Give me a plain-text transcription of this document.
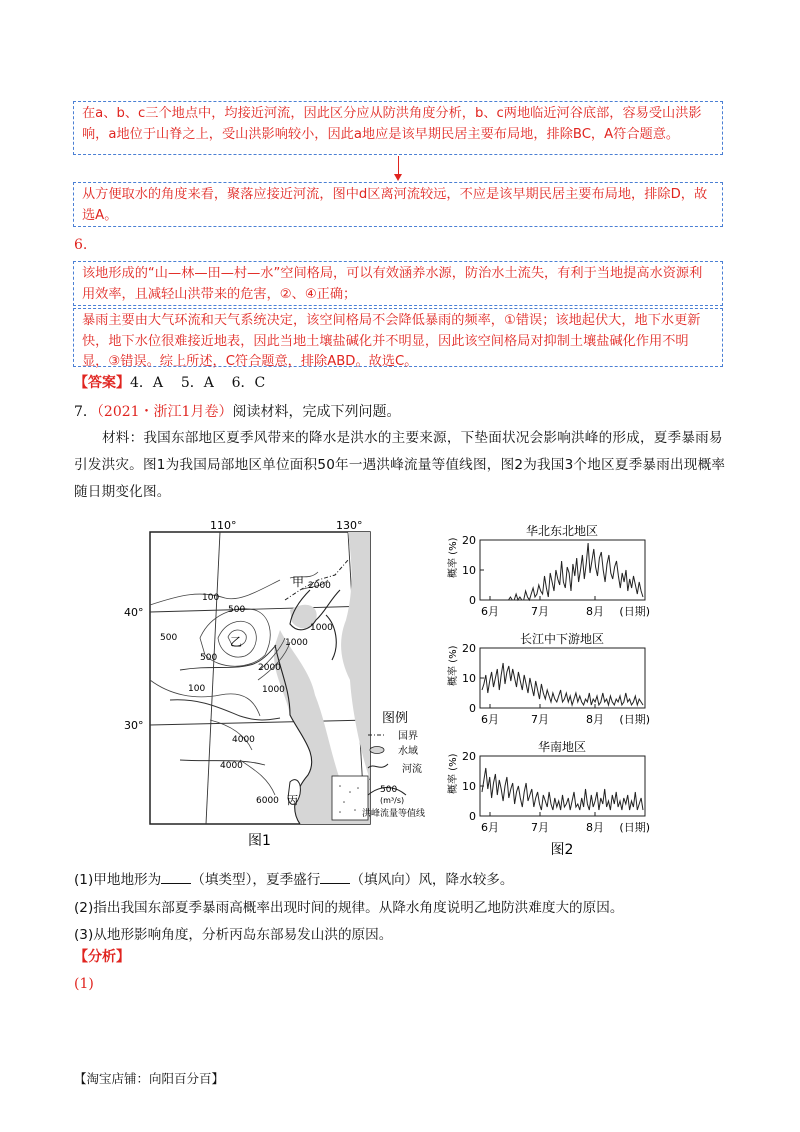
在a、b、c三个地点中，均接近河流，因此区分应从防洪角度分析，b、c两地临近河谷底部，容易受山洪影响，a地位于山脊之上，受山洪影响较小，因此a地应是该早期民居主要布局地，排除BC，A符合题意。
从方便取水的角度来看，聚落应接近河流，图中d区离河流较远，不应是该早期民居主要布局地，排除D，故选A。
6.
该地形成的“山—林—田—村—水”空间格局，可以有效涵养水源，防治水土流失，有利于当地提高水资源利用效率，且减轻山洪带来的危害，②、④正确；
暴雨主要由大气环流和天气系统决定，该空间格局不会降低暴雨的频率，①错误；该地起伏大，地下水更新快，地下水位很难接近地表，因此当地土壤盐碱化并不明显，因此该空间格局对抑制土壤盐碱化作用不明显，③错误。综上所述，C符合题意，排除ABD。故选C。
【答案】4．A    5．A    6．C
7．（2021・浙江1月卷）阅读材料，完成下列问题。
材料：我国东部地区夏季风带来的降水是洪水的主要来源，下垫面状况会影响洪峰的形成，夏季暴雨易引发洪灾。图1为我国局部地区单位面积50年一遇洪峰流量等值线图，图2为我国3个地区夏季暴雨出现概率随日期变化图。
110°	130°
40°
30°
100
500
1000
2000
4000
6000
2000
1000
500
100
500
1000
4000
甲
乙
丙
图例
国界
水域
河流
500
(m³/s)
洪峰流量等值线
图1
华北东北地区
概率 (%)
0
10
20
6月	7月	8月 (日期)
长江中下游地区
概率 (%)
0
10
20
6月	7月	8月 (日期)
华南地区
概率 (%)
0
10
20
6月	7月	8月 (日期)
图2
(1)甲地地形为 （填类型），夏季盛行 （填风向）风，降水较多。
(2)指出我国东部夏季暴雨高概率出现时间的规律。从降水角度说明乙地防洪难度大的原因。
(3)从地形影响角度，分析丙岛东部易发山洪的原因。
【分析】
(1)
【淘宝店铺：向阳百分百】
